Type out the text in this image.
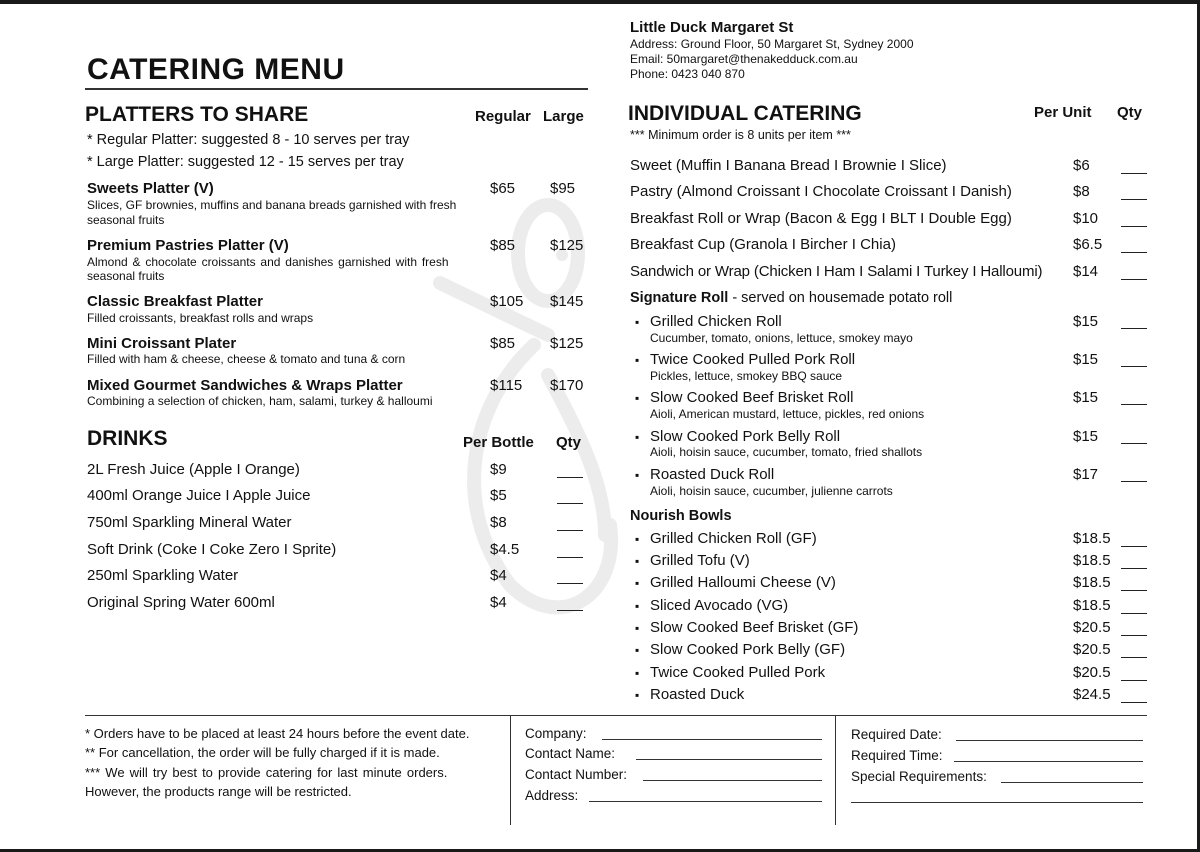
CATERING MENU
Little Duck Margaret St
Address: Ground Floor, 50 Margaret St, Sydney 2000
Email: 50margaret@thenakedduck.com.au
Phone: 0423 040 870
PLATTERS TO SHARE	Regular Large
* Regular Platter: suggested 8 - 10 serves per tray
* Large Platter: suggested 12 - 15 serves per tray
Sweets Platter (V)
Slices, GF brownies, muffins and banana breads garnished with fresh
seasonal fruits
$65 $95
Premium Pastries Platter (V)
Almond & chocolate croissants and danishes garnished with fresh
seasonal fruits
$85 $125
Classic Breakfast Platter
Filled croissants, breakfast rolls and wraps
$105 $145
Mini Croissant Plater
Filled with ham & cheese, cheese & tomato and tuna & corn
$85 $125
Mixed Gourmet Sandwiches & Wraps Platter
Combining a selection of chicken, ham, salami, turkey & halloumi
$115 $170
DRINKS	Per Bottle Qty
2L Fresh Juice (Apple I Orange)	$9
400ml Orange Juice I Apple Juice	$5
750ml Sparkling Mineral Water	$8
Soft Drink (Coke I Coke Zero I Sprite)	$4.5
250ml Sparkling Water	$4
Original Spring Water 600ml	$4
INDIVIDUAL CATERING	Per Unit Qty
*** Minimum order is 8 units per item ***
Sweet (Muffin I Banana Bread I Brownie I Slice)	$6
Pastry (Almond Croissant I Chocolate Croissant I Danish)	$8
Breakfast Roll or Wrap (Bacon & Egg I BLT I Double Egg)	$10
Breakfast Cup (Granola I Bircher I Chia)	$6.5
Sandwich or Wrap (Chicken I Ham I Salami I Turkey I Halloumi) $14
Signature Roll - served on housemade potato roll
▪ Grilled Chicken Roll
Cucumber, tomato, onions, lettuce, smokey mayo
$15
▪ Twice Cooked Pulled Pork Roll
Pickles, lettuce, smokey BBQ sauce
$15
▪ Slow Cooked Beef Brisket Roll
Aioli, American mustard, lettuce, pickles, red onions
$15
▪ Slow Cooked Pork Belly Roll
Aioli, hoisin sauce, cucumber, tomato, fried shallots
$15
▪ Roasted Duck Roll
Aioli, hoisin sauce, cucumber, julienne carrots
$17
Nourish Bowls
▪ Grilled Chicken Roll (GF)	$18.5
▪ Grilled Tofu (V)	$18.5
▪ Grilled Halloumi Cheese (V)	$18.5
▪ Sliced Avocado (VG)	$18.5
▪ Slow Cooked Beef Brisket (GF)	$20.5
▪ Slow Cooked Pork Belly (GF)	$20.5
▪ Twice Cooked Pulled Pork	$20.5
▪ Roasted Duck	$24.5
* Orders have to be placed at least 24 hours before the event date.
** For cancellation, the order will be fully charged if it is made.
*** We will try best to provide catering for last minute orders.
However, the products range will be restricted.
Company:
Contact Name:
Contact Number:
Address:
Required Date:
Required Time:
Special Requirements:
